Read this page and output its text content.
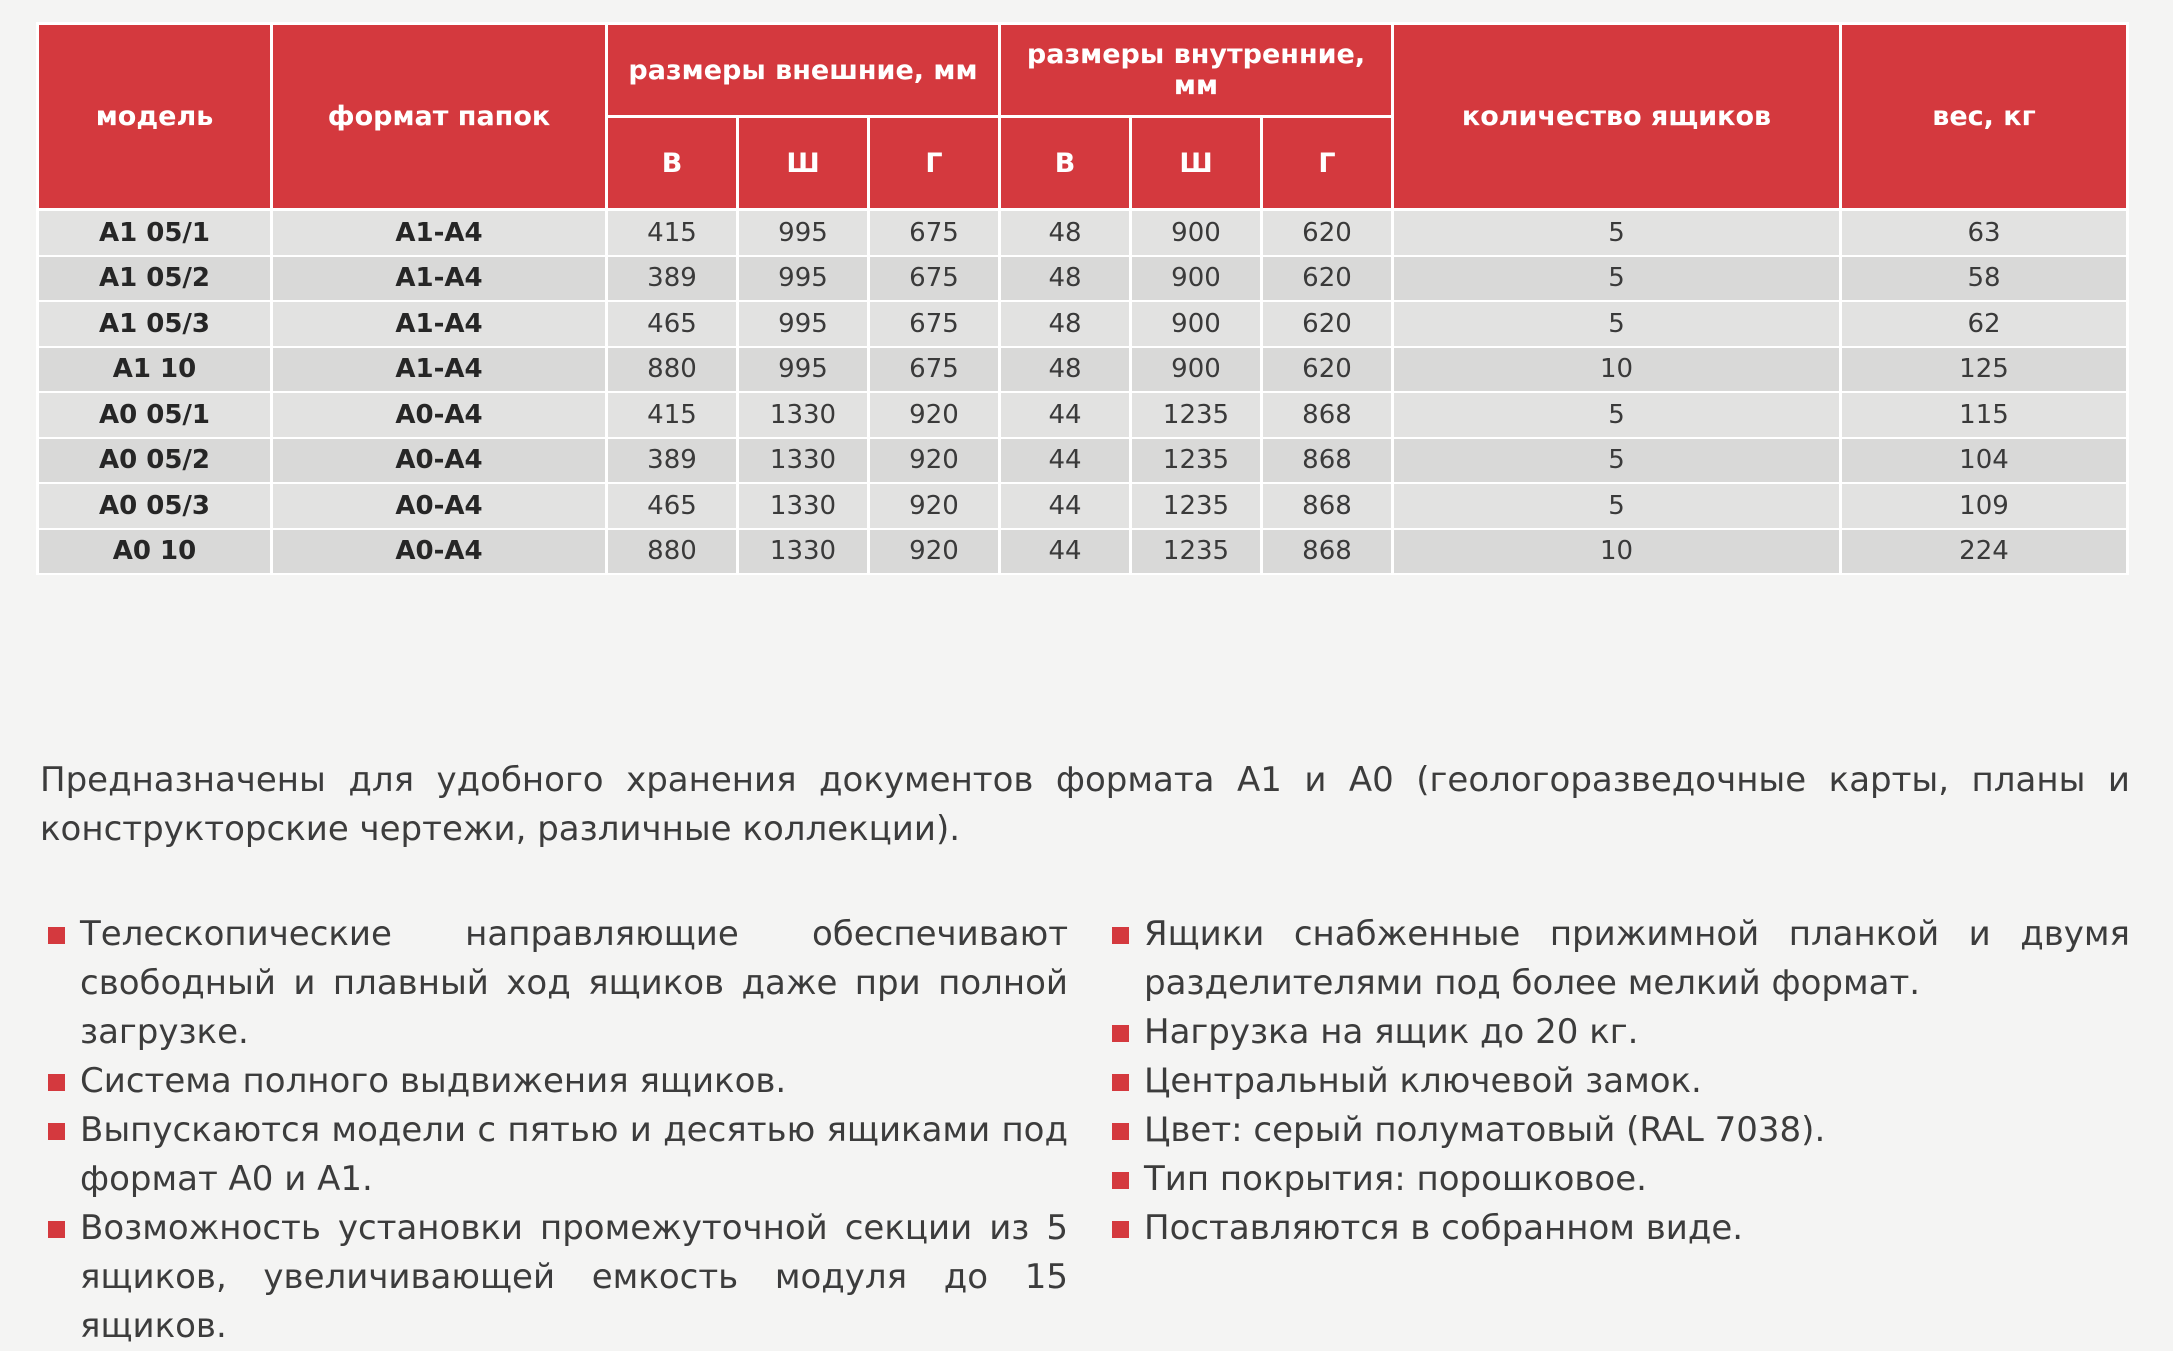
модель	формат папок	размеры внешние, мм			размеры внутренние, мм			количество ящиков	вес, кг
		В	Ш	Г	В	Ш	Г		
A1 05/1	A1-A4	415	995	675	48	900	620	5	63
A1 05/2	A1-A4	389	995	675	48	900	620	5	58
A1 05/3	A1-A4	465	995	675	48	900	620	5	62
A1 10	A1-A4	880	995	675	48	900	620	10	125
A0 05/1	A0-A4	415	1330	920	44	1235	868	5	115
A0 05/2	A0-A4	389	1330	920	44	1235	868	5	104
A0 05/3	A0-A4	465	1330	920	44	1235	868	5	109
A0 10	A0-A4	880	1330	920	44	1235	868	10	224

Предназначены для удобного хранения документов формата А1 и А0 (геологоразведочные карты, планы и конструкторские чертежи, различные коллекции).

Телескопические направляющие обеспечивают свободный и плавный ход ящиков даже при полной загрузке.
Система полного выдвижения ящиков.
Выпускаются модели с пятью и десятью ящиками под формат А0 и А1.
Возможность установки промежуточной секции из 5 ящиков, увеличивающей емкость модуля до 15 ящиков.
Ящики снабженные прижимной планкой и двумя разделителями под более мелкий формат.
Нагрузка на ящик до 20 кг.
Центральный ключевой замок.
Цвет: серый полуматовый (RAL 7038).
Тип покрытия: порошковое.
Поставляются в собранном виде.
